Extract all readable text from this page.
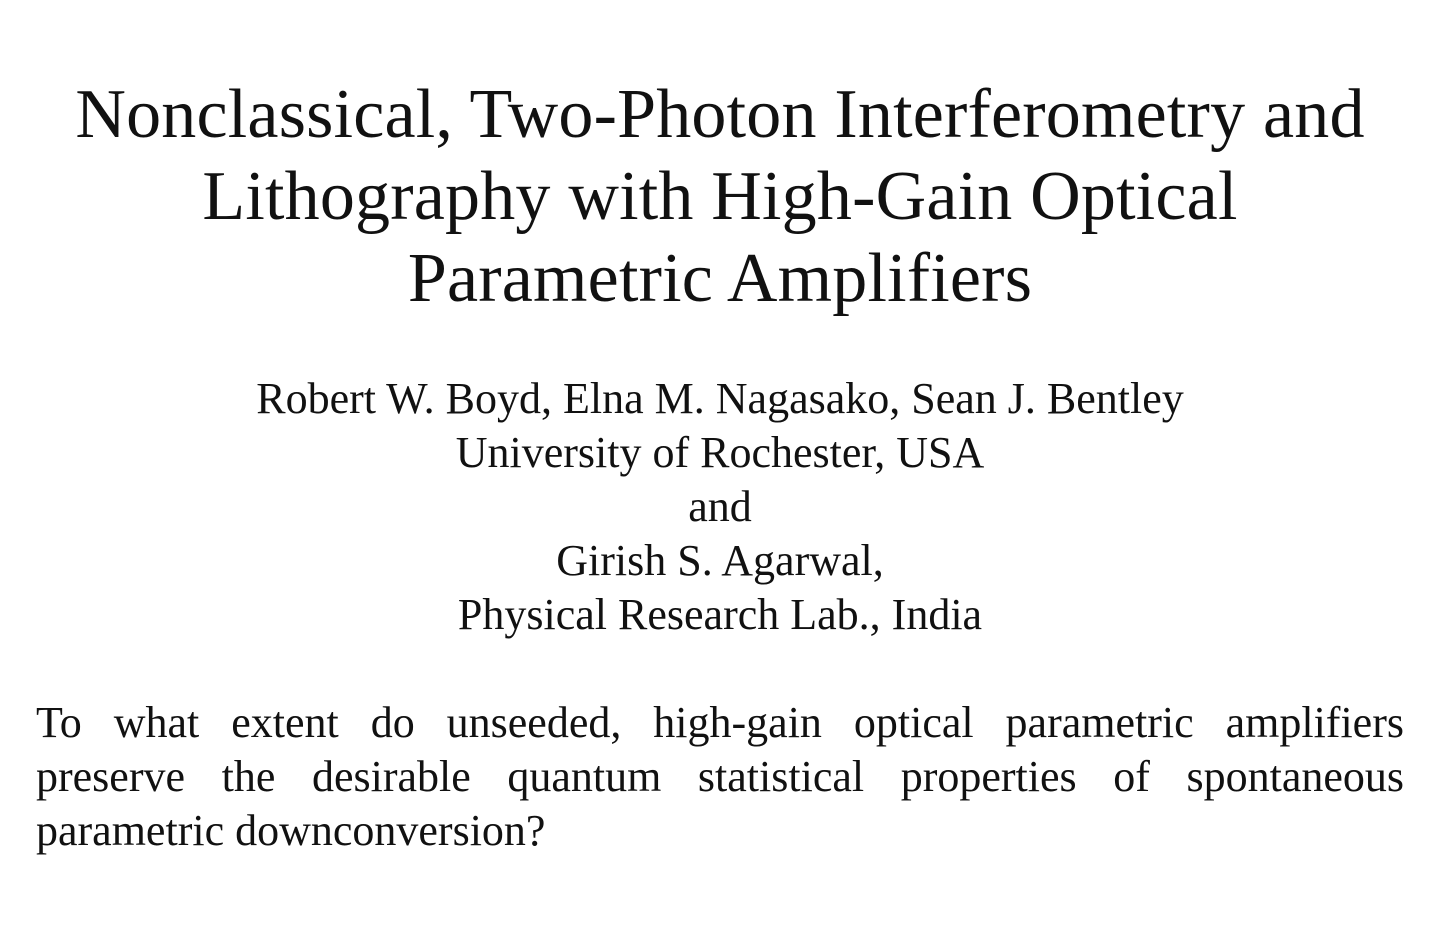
Nonclassical, Two-Photon Interferometry and
Lithography with High-Gain Optical
Parametric Amplifiers
Robert W. Boyd, Elna M. Nagasako, Sean J. Bentley
University of Rochester, USA
and
Girish S. Agarwal,
Physical Research Lab., India
To what extent do unseeded, high-gain optical parametric amplifiers
preserve the desirable quantum statistical properties of spontaneous
parametric downconversion?
